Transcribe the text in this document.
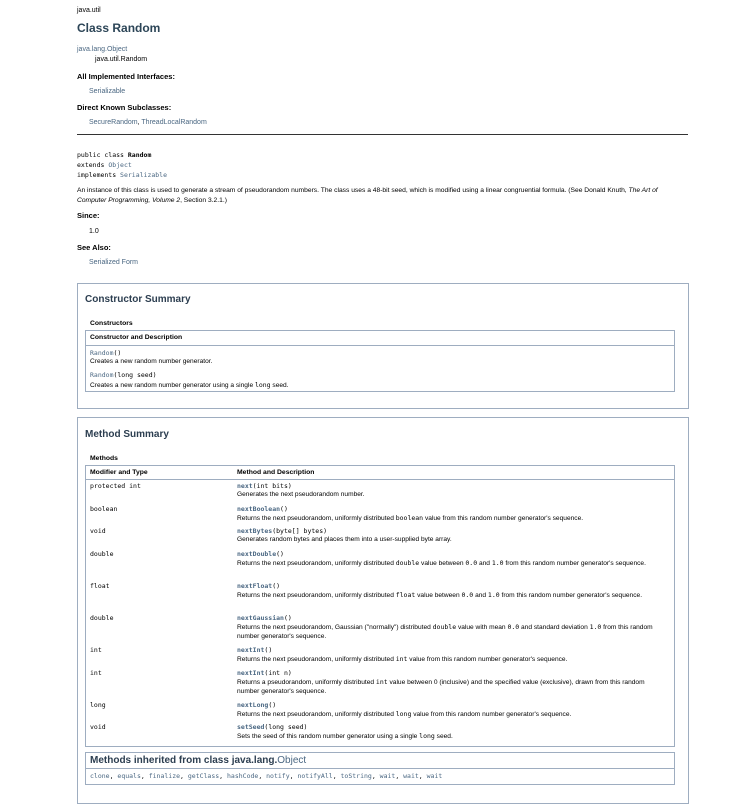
java.util
Class Random
java.lang.Object
java.util.Random
All Implemented Interfaces:
Serializable
Direct Known Subclasses:
SecureRandom, ThreadLocalRandom
public class Random
extends Object
implements Serializable
An instance of this class is used to generate a stream of pseudorandom numbers. The class uses a 48-bit seed, which is modified using a linear congruential formula. (See Donald Knuth, The Art of Computer Programming, Volume 2, Section 3.2.1.)
Since:
1.0
See Also:
Serialized Form
Constructor Summary
Constructors
Constructor and Description
Random()
Creates a new random number generator.
Random(long seed)
Creates a new random number generator using a single long seed.
Method Summary
Methods
Modifier and Type	Method and Description
protected int	next(int bits)
Generates the next pseudorandom number.
boolean	nextBoolean()
Returns the next pseudorandom, uniformly distributed boolean value from this random number generator's sequence.
void	nextBytes(byte[] bytes)
Generates random bytes and places them into a user-supplied byte array.
double	nextDouble()
Returns the next pseudorandom, uniformly distributed double value between 0.0 and 1.0 from this random number generator's sequence.
float	nextFloat()
Returns the next pseudorandom, uniformly distributed float value between 0.0 and 1.0 from this random number generator's sequence.
double	nextGaussian()
Returns the next pseudorandom, Gaussian ("normally") distributed double value with mean 0.0 and standard deviation 1.0 from this random number generator's sequence.
int	nextInt()
Returns the next pseudorandom, uniformly distributed int value from this random number generator's sequence.
int	nextInt(int n)
Returns a pseudorandom, uniformly distributed int value between 0 (inclusive) and the specified value (exclusive), drawn from this random number generator's sequence.
long	nextLong()
Returns the next pseudorandom, uniformly distributed long value from this random number generator's sequence.
void	setSeed(long seed)
Sets the seed of this random number generator using a single long seed.
Methods inherited from class java.lang.Object
clone, equals, finalize, getClass, hashCode, notify, notifyAll, toString, wait, wait, wait
